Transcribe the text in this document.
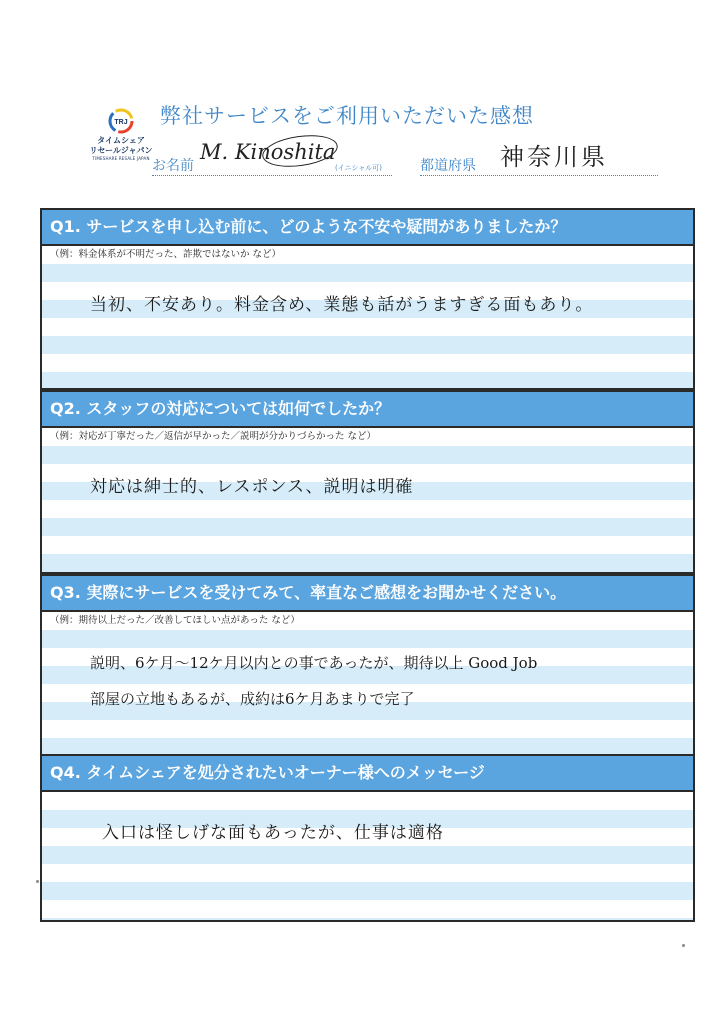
TRJ
タイムシェア
リセールジャパン
TIMESHARE RESALE JAPAN
弊社サービスをご利用いただいた感想
お名前
M. Kinoshita
(イニシャル可)	都道府県 神奈川県
Q1. サービスを申し込む前に、どのような不安や疑問がありましたか？
（例：料金体系が不明だった、詐欺ではないか など）
当初、不安あり。料金含め、業態も話がうますぎる面もあり。
Q2. スタッフの対応については如何でしたか？
（例：対応が丁寧だった／返信が早かった／説明が分かりづらかった など）
対応は紳士的、レスポンス、説明は明確
Q3. 実際にサービスを受けてみて、率直なご感想をお聞かせください。
（例：期待以上だった／改善してほしい点があった など）
説明、6ケ月～12ケ月以内との事であったが、期待以上 Good Job
部屋の立地もあるが、成約は6ケ月あまりで完了
Q4. タイムシェアを処分されたいオーナー様へのメッセージ
入口は怪しげな面もあったが、仕事は適格
